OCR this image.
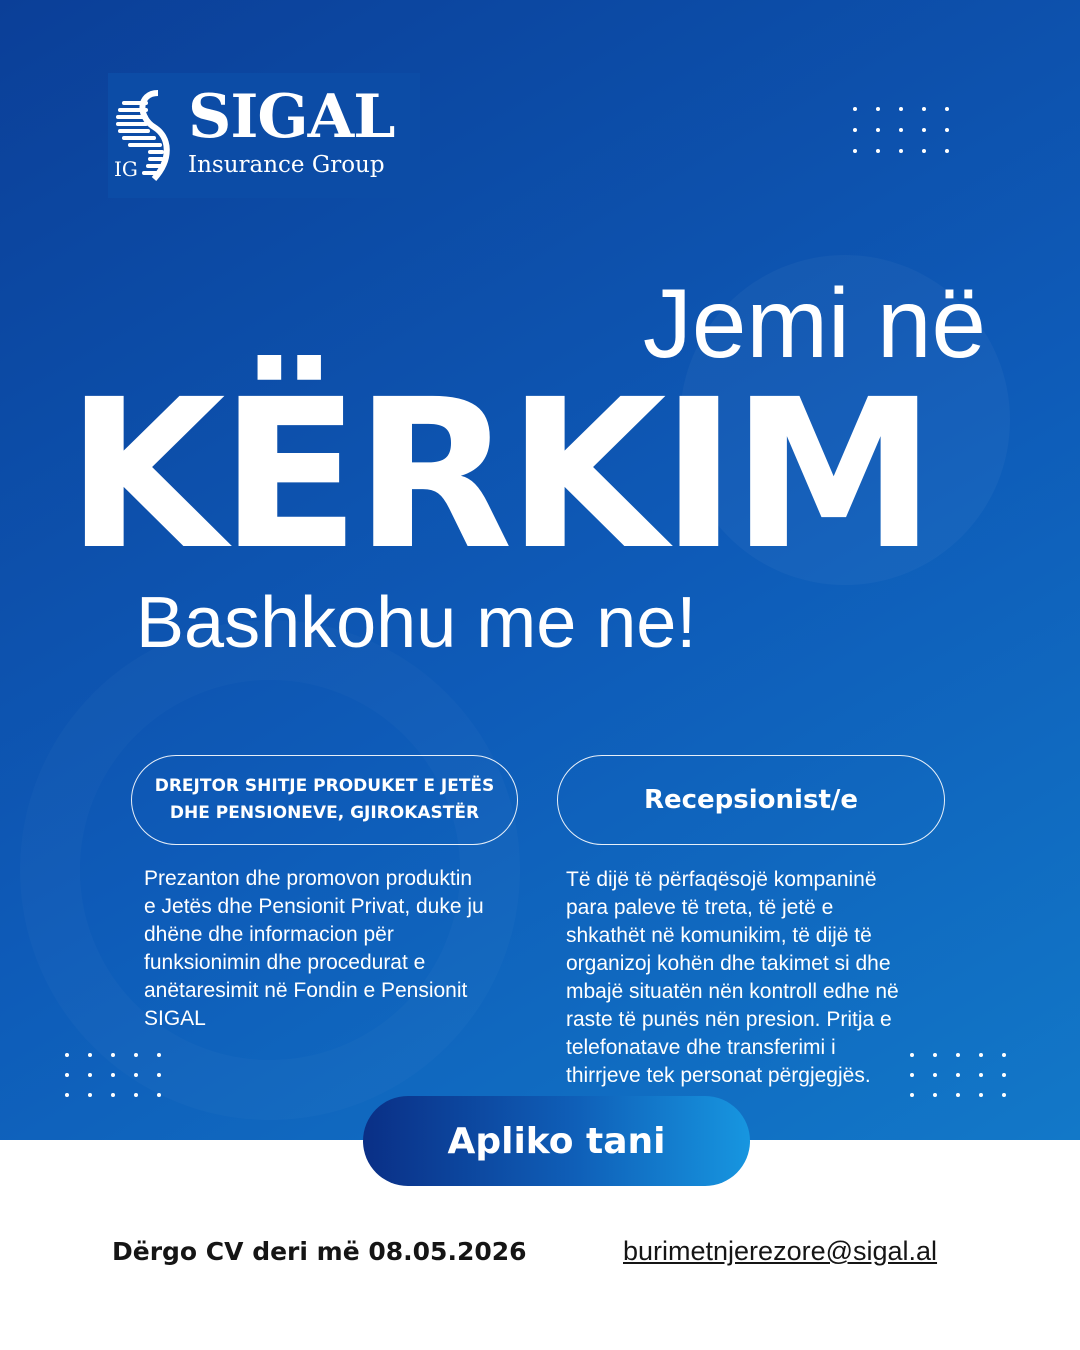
SIGAL
IG Insurance Group
Jemi në
KËRKIM
Bashkohu me ne!
DREJTOR SHITJE PRODUKET E JETËS DHE PENSIONEVE, GJIROKASTËR	Recepsionist/e
Prezanton dhe promovon produktin
e Jetës dhe Pensionit Privat, duke ju
dhëne dhe informacion për
funksionimin dhe procedurat e
anëtaresimit në Fondin e Pensionit
SIGAL
Të dijë të përfaqësojë kompaninë
para paleve të treta, të jetë e
shkathët në komunikim, të dijë të
organizoj kohën dhe takimet si dhe
mbajë situatën nën kontroll edhe në
raste të punës nën presion. Pritja e
telefonatave dhe transferimi i
thirrjeve tek personat përgjegjës.
Apliko tani
Dërgo CV deri më 08.05.2026	burimetnjerezore@sigal.al
